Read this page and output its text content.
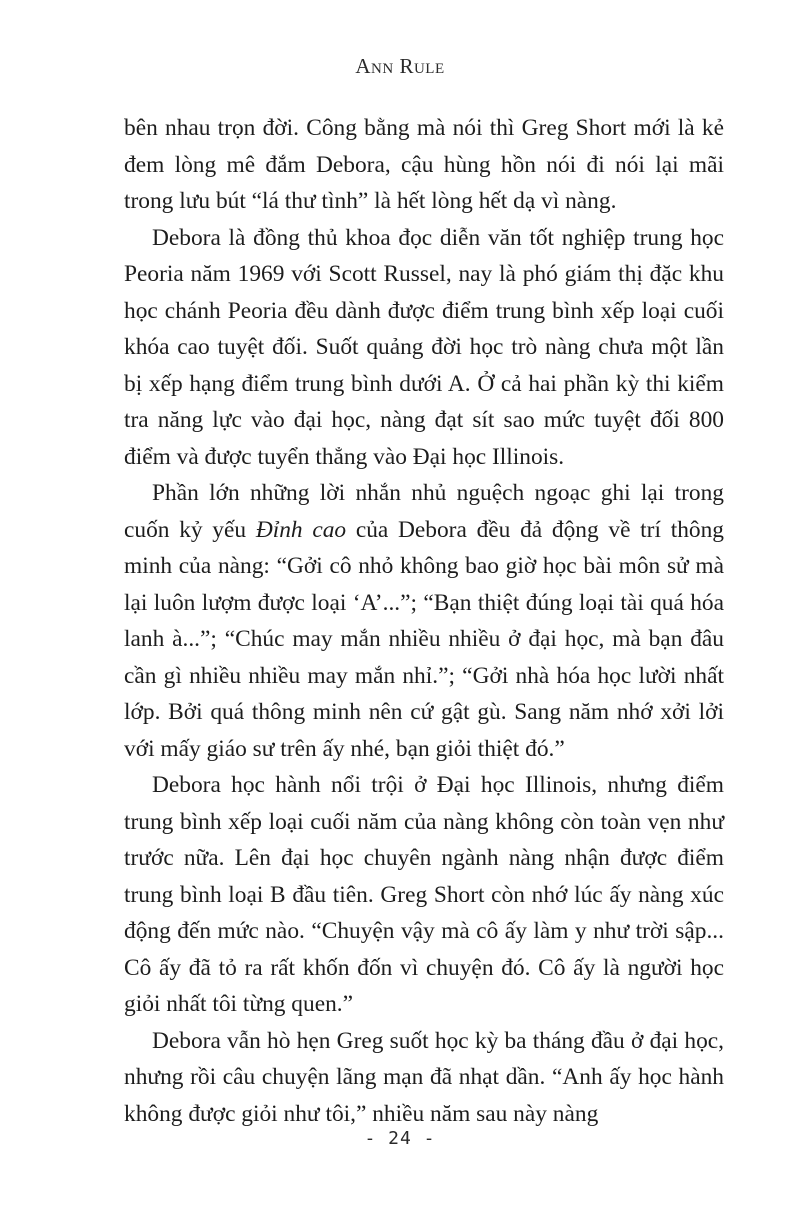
Ann Rule

bên nhau trọn đời. Công bằng mà nói thì Greg Short mới là kẻ đem lòng mê đắm Debora, cậu hùng hồn nói đi nói lại mãi trong lưu bút “lá thư tình” là hết lòng hết dạ vì nàng.

Debora là đồng thủ khoa đọc diễn văn tốt nghiệp trung học Peoria năm 1969 với Scott Russel, nay là phó giám thị đặc khu học chánh Peoria đều dành được điểm trung bình xếp loại cuối khóa cao tuyệt đối. Suốt quảng đời học trò nàng chưa một lần bị xếp hạng điểm trung bình dưới A. Ở cả hai phần kỳ thi kiểm tra năng lực vào đại học, nàng đạt sít sao mức tuyệt đối 800 điểm và được tuyển thẳng vào Đại học Illinois.

Phần lớn những lời nhắn nhủ nguệch ngoạc ghi lại trong cuốn kỷ yếu Đỉnh cao của Debora đều đả động về trí thông minh của nàng: “Gởi cô nhỏ không bao giờ học bài môn sử mà lại luôn lượm được loại ‘A’...”; “Bạn thiệt đúng loại tài quá hóa lanh à...”; “Chúc may mắn nhiều nhiều ở đại học, mà bạn đâu cần gì nhiều nhiều may mắn nhỉ.”; “Gởi nhà hóa học lười nhất lớp. Bởi quá thông minh nên cứ gật gù. Sang năm nhớ xởi lởi với mấy giáo sư trên ấy nhé, bạn giỏi thiệt đó.”

Debora học hành nổi trội ở Đại học Illinois, nhưng điểm trung bình xếp loại cuối năm của nàng không còn toàn vẹn như trước nữa. Lên đại học chuyên ngành nàng nhận được điểm trung bình loại B đầu tiên. Greg Short còn nhớ lúc ấy nàng xúc động đến mức nào. “Chuyện vậy mà cô ấy làm y như trời sập... Cô ấy đã tỏ ra rất khốn đốn vì chuyện đó. Cô ấy là người học giỏi nhất tôi từng quen.”

Debora vẫn hò hẹn Greg suốt học kỳ ba tháng đầu ở đại học, nhưng rồi câu chuyện lãng mạn đã nhạt dần. “Anh ấy học hành không được giỏi như tôi,” nhiều năm sau này nàng

- 24 -
